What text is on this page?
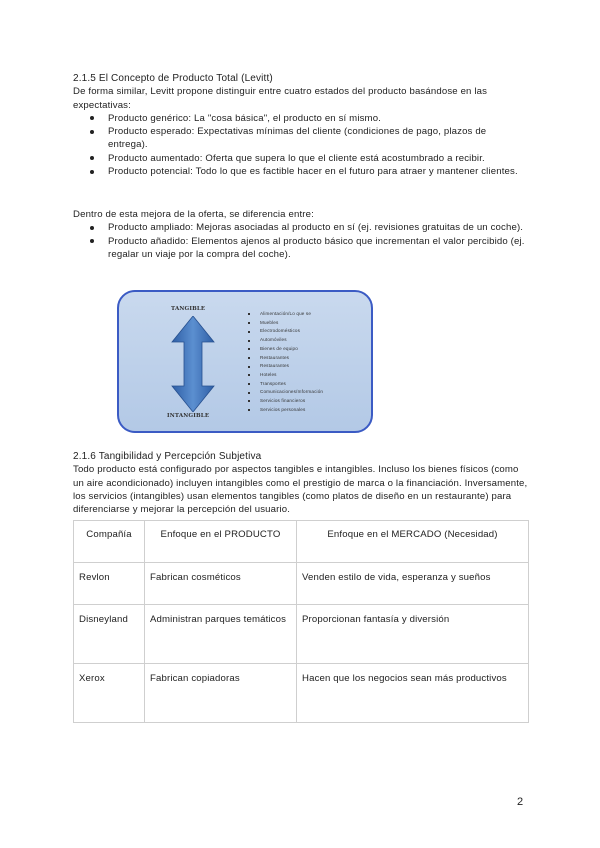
2.1.5 El Concepto de Producto Total (Levitt)
De forma similar, Levitt propone distinguir entre cuatro estados del producto basándose en las expectativas:
Producto genérico: La "cosa básica", el producto en sí mismo.
Producto esperado: Expectativas mínimas del cliente (condiciones de pago, plazos de entrega).
Producto aumentado: Oferta que supera lo que el cliente está acostumbrado a recibir.
Producto potencial: Todo lo que es factible hacer en el futuro para atraer y mantener clientes.
Dentro de esta mejora de la oferta, se diferencia entre:
Producto ampliado: Mejoras asociadas al producto en sí (ej. revisiones gratuitas de un coche).
Producto añadido: Elementos ajenos al producto básico que incrementan el valor percibido (ej. regalar un viaje por la compra del coche).
TANGIBLE
INTANGIBLE
Alimentación/Lo que se
Muebles
Electrodomésticos
Automóviles
Bienes de equipo
Restaurantes
Restaurantes
Hoteles
Transportes
Comunicaciones/Información
Servicios financieros
Servicios personales
2.1.6 Tangibilidad y Percepción Subjetiva
Todo producto está configurado por aspectos tangibles e intangibles. Incluso los bienes físicos (como un aire acondicionado) incluyen intangibles como el prestigio de marca o la financiación. Inversamente, los servicios (intangibles) usan elementos tangibles (como platos de diseño en un restaurante) para diferenciarse y mejorar la percepción del usuario.
Compañía	Enfoque en el PRODUCTO	Enfoque en el MERCADO (Necesidad)
Revlon	Fabrican cosméticos	Venden estilo de vida, esperanza y sueños
Disneyland	Administran parques temáticos	Proporcionan fantasía y diversión
Xerox	Fabrican copiadoras	Hacen que los negocios sean más productivos
2
